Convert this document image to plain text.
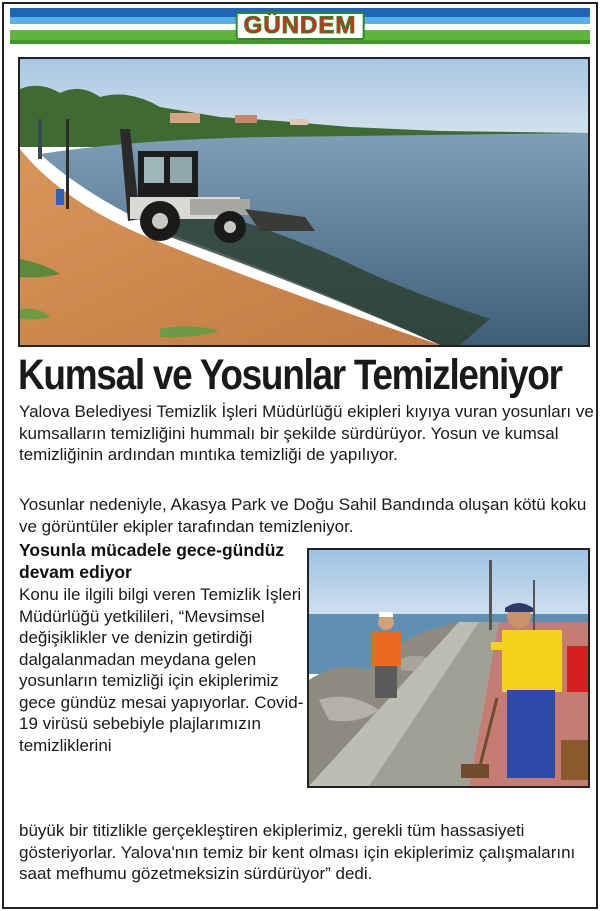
GÜNDEM
Kumsal ve Yosunlar Temizleniyor

Yalova Belediyesi Temizlik İşleri Müdürlüğü ekipleri kıyıya vuran yosunları ve kumsalların temizliğini hummalı bir şekilde sürdürüyor. Yosun ve kumsal temizliğinin ardından mıntıka temizliği de yapılıyor.

Yosunlar nedeniyle, Akasya Park ve Doğu Sahil Bandında oluşan kötü koku ve görüntüler ekipler tarafından temizleniyor.

Yosunla mücadele gece-gündüz devam ediyor

Konu ile ilgili bilgi veren Temizlik İşleri Müdürlüğü yetkilileri, “Mevsimsel değişiklikler ve denizin getirdiği dalgalanmadan meydana gelen yosunların temizliği için ekiplerimiz gece gündüz mesai yapıyorlar. Covid-19 virüsü sebebiyle plajlarımızın temizliklerini

büyük bir titizlikle gerçekleştiren ekiplerimiz, gerekli tüm hassasiyeti gösteriyorlar. Yalova'nın temiz bir kent olması için ekiplerimiz çalışmalarını saat mefhumu gözetmeksizin sürdürüyor” dedi.
